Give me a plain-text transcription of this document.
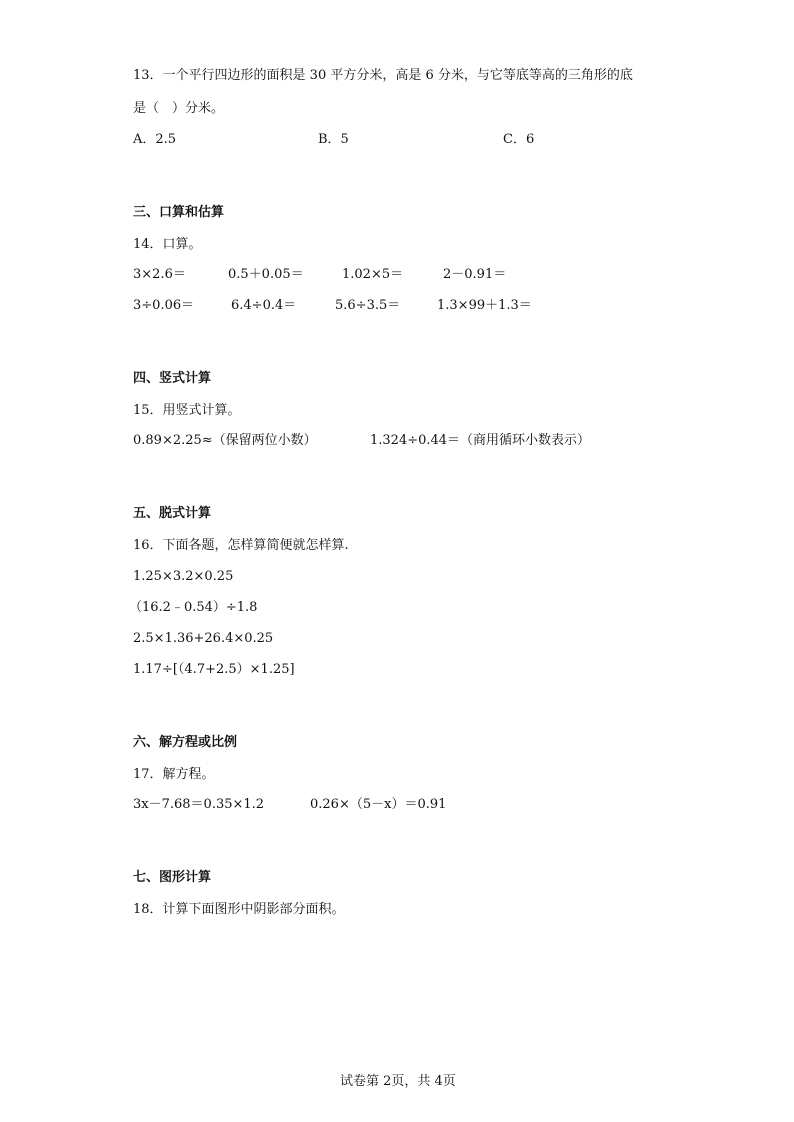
13．一个平行四边形的面积是 30 平方分米，高是 6 分米，与它等底等高的三角形的底
是（　）分米。
A．2.5	B．5	C．6
三、口算和估算
14．口算。
3×2.6＝	0.5＋0.05＝	1.02×5＝	2－0.91＝
3÷0.06＝	6.4÷0.4＝	5.6÷3.5＝	1.3×99＋1.3＝
四、竖式计算
15．用竖式计算。
0.89×2.25≈（保留两位小数）	1.324÷0.44＝（商用循环小数表示）
五、脱式计算
16．下面各题，怎样算简便就怎样算.
1.25×3.2×0.25
（16.2﹣0.54）÷1.8
2.5×1.36+26.4×0.25
1.17÷[（4.7+2.5）×1.25]
六、解方程或比例
17．解方程。
3x－7.68＝0.35×1.2	0.26×（5－x）＝0.91
七、图形计算
18．计算下面图形中阴影部分面积。
试卷第 2页，共 4页
